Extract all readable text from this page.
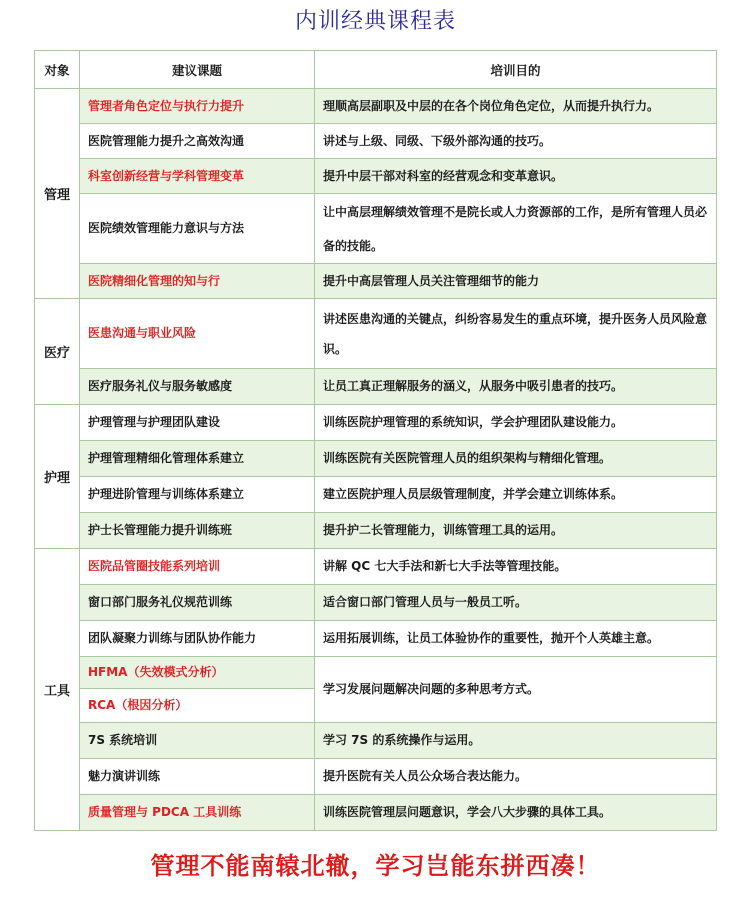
内训经典课程表
对象	建议课题	培训目的
管理	管理者角色定位与执行力提升	理顺高层副职及中层的在各个岗位角色定位，从而提升执行力。
	医院管理能力提升之高效沟通	讲述与上级、同级、下级外部沟通的技巧。
	科室创新经营与学科管理变革	提升中层干部对科室的经营观念和变革意识。
	医院绩效管理能力意识与方法	让中高层理解绩效管理不是院长或人力资源部的工作，是所有管理人员必备的技能。
	医院精细化管理的知与行	提升中高层管理人员关注管理细节的能力
医疗	医患沟通与职业风险	讲述医患沟通的关键点，纠纷容易发生的重点环境，提升医务人员风险意识。
	医疗服务礼仪与服务敏感度	让员工真正理解服务的涵义，从服务中吸引患者的技巧。
护理	护理管理与护理团队建设	训练医院护理管理的系统知识，学会护理团队建设能力。
	护理管理精细化管理体系建立	训练医院有关医院管理人员的组织架构与精细化管理。
	护理进阶管理与训练体系建立	建立医院护理人员层级管理制度，并学会建立训练体系。
	护士长管理能力提升训练班	提升护二长管理能力，训练管理工具的运用。
工具	医院品管圈技能系列培训	讲解 QC 七大手法和新七大手法等管理技能。
	窗口部门服务礼仪规范训练	适合窗口部门管理人员与一般员工听。
	团队凝聚力训练与团队协作能力	运用拓展训练，让员工体验协作的重要性，抛开个人英雄主意。
	HFMA（失效模式分析）	学习发展问题解决问题的多种思考方式。
	RCA（根因分析）	
	7S 系统培训	学习 7S 的系统操作与运用。
	魅力演讲训练	提升医院有关人员公众场合表达能力。
	质量管理与 PDCA 工具训练	训练医院管理层问题意识，学会八大步骤的具体工具。
管理不能南辕北辙，学习岂能东拼西凑！
